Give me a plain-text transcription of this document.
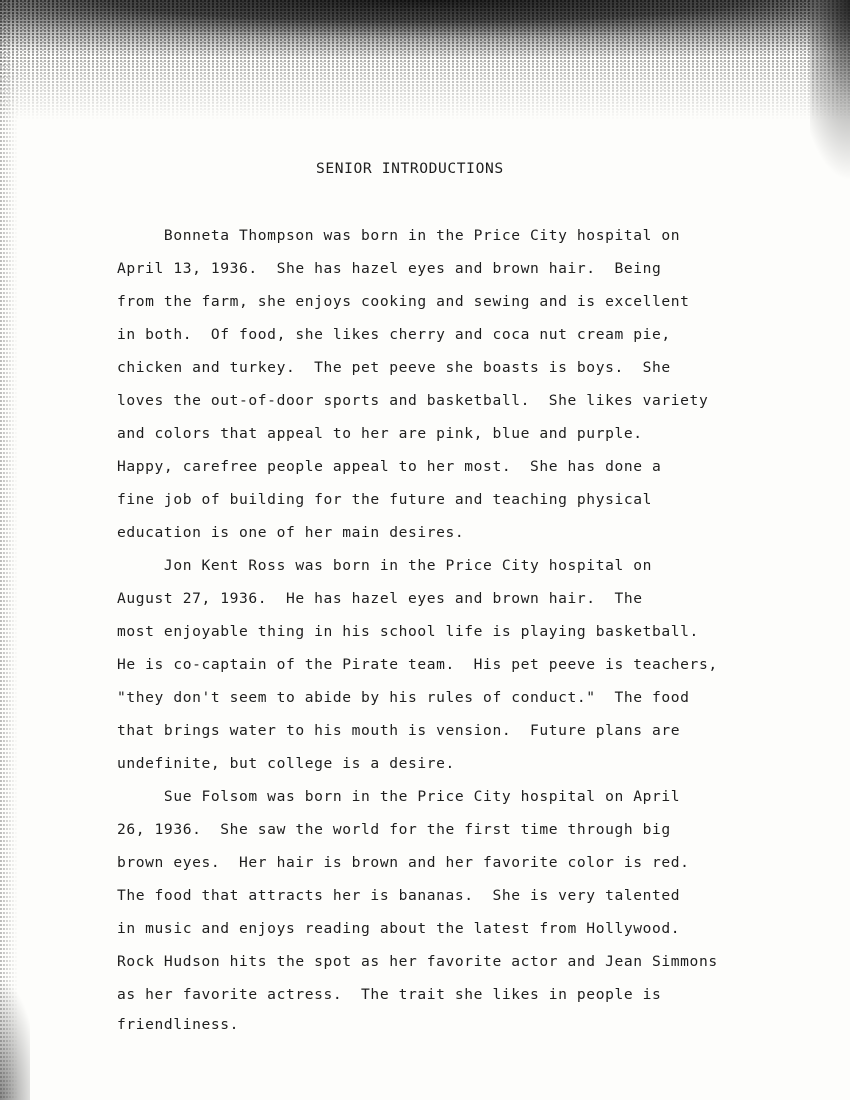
SENIOR INTRODUCTIONS
Bonneta Thompson was born in the Price City hospital on
April 13, 1936.  She has hazel eyes and brown hair.  Being
from the farm, she enjoys cooking and sewing and is excellent
in both.  Of food, she likes cherry and coca nut cream pie,
chicken and turkey.  The pet peeve she boasts is boys.  She
loves the out-of-door sports and basketball.  She likes variety
and colors that appeal to her are pink, blue and purple.
Happy, carefree people appeal to her most.  She has done a
fine job of building for the future and teaching physical
education is one of her main desires.
Jon Kent Ross was born in the Price City hospital on
August 27, 1936.  He has hazel eyes and brown hair.  The
most enjoyable thing in his school life is playing basketball.
He is co-captain of the Pirate team.  His pet peeve is teachers,
"they don't seem to abide by his rules of conduct."  The food
that brings water to his mouth is vension.  Future plans are
undefinite, but college is a desire.
Sue Folsom was born in the Price City hospital on April
26, 1936.  She saw the world for the first time through big
brown eyes.  Her hair is brown and her favorite color is red.
The food that attracts her is bananas.  She is very talented
in music and enjoys reading about the latest from Hollywood.
Rock Hudson hits the spot as her favorite actor and Jean Simmons
as her favorite actress.  The trait she likes in people is
friendliness.
